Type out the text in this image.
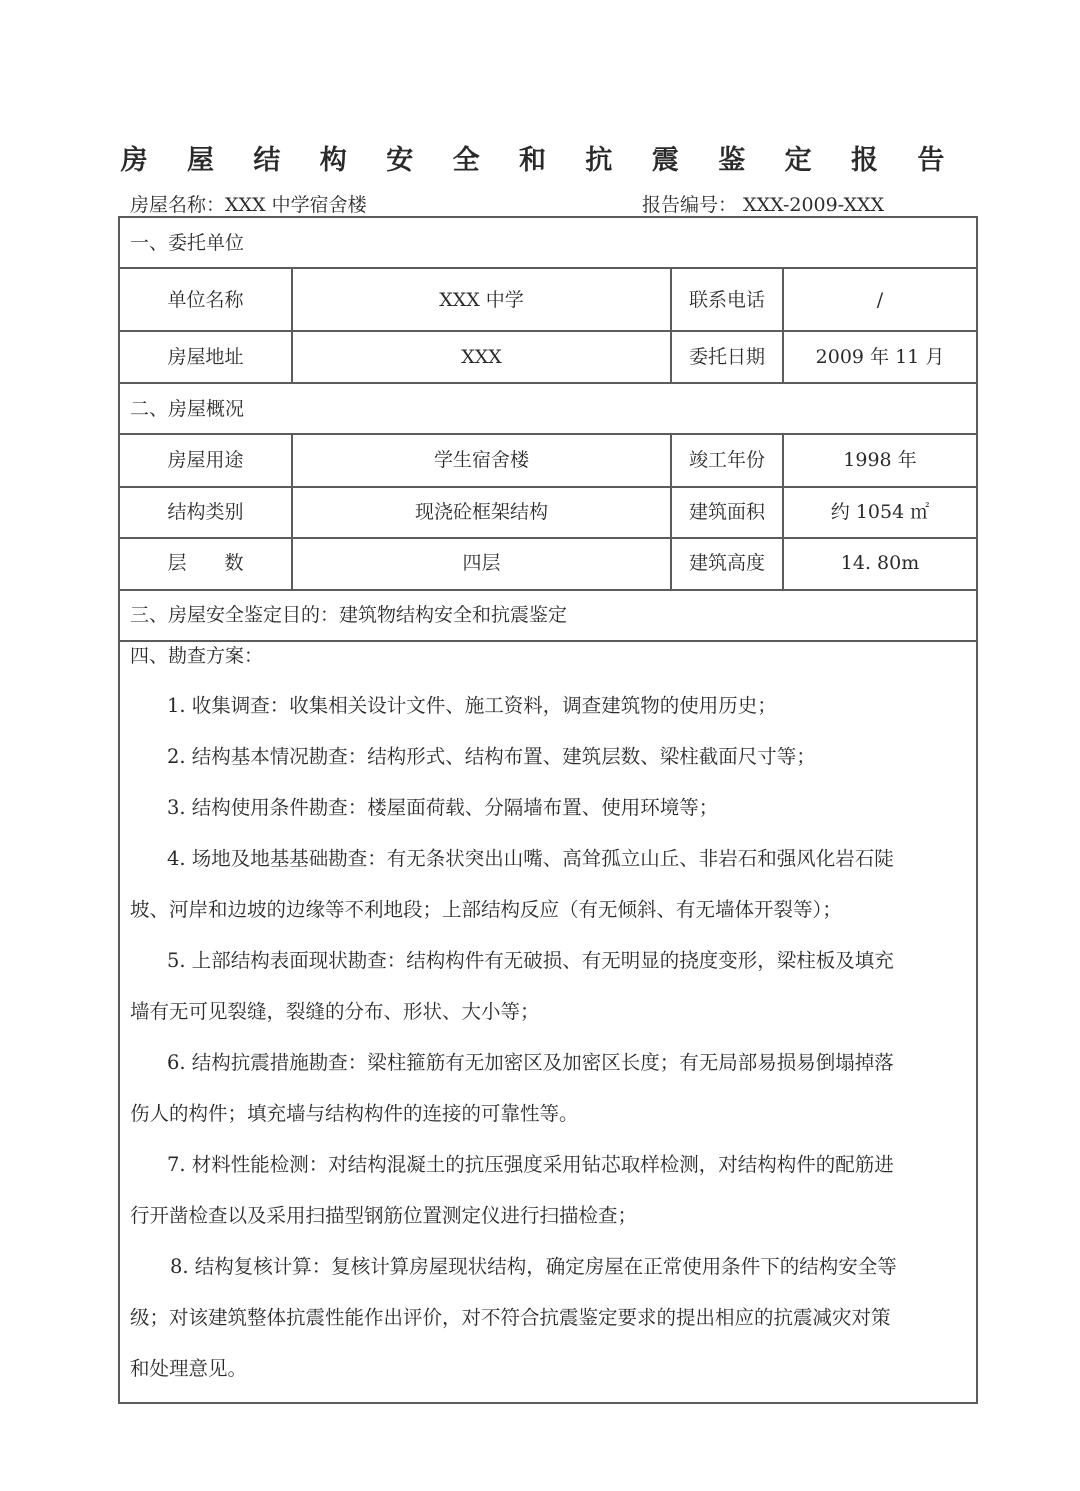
房 屋 结 构 安 全 和 抗 震 鉴 定 报 告
房屋名称：XXX 中学宿舍楼	报告编号： XXX-2009-XXX
一、委托单位
单位名称	XXX 中学	联系电话	/
房屋地址	XXX	委托日期	2009 年 11 月
二、房屋概况
房屋用途	学生宿舍楼	竣工年份	1998 年
结构类别	现浇砼框架结构	建筑面积	约 1054 ㎡
层　　数	四层	建筑高度	14. 80m
三、房屋安全鉴定目的：建筑物结构安全和抗震鉴定
四、勘查方案：
1. 收集调查：收集相关设计文件、施工资料，调查建筑物的使用历史；
2. 结构基本情况勘查：结构形式、结构布置、建筑层数、梁柱截面尺寸等；
3. 结构使用条件勘查：楼屋面荷载、分隔墙布置、使用环境等；
4. 场地及地基基础勘查：有无条状突出山嘴、高耸孤立山丘、非岩石和强风化岩石陡
坡、河岸和边坡的边缘等不利地段；上部结构反应（有无倾斜、有无墙体开裂等）；
5. 上部结构表面现状勘查：结构构件有无破损、有无明显的挠度变形，梁柱板及填充
墙有无可见裂缝，裂缝的分布、形状、大小等；
6. 结构抗震措施勘查：梁柱箍筋有无加密区及加密区长度；有无局部易损易倒塌掉落
伤人的构件；填充墙与结构构件的连接的可靠性等。
7. 材料性能检测：对结构混凝土的抗压强度采用钻芯取样检测，对结构构件的配筋进
行开凿检查以及采用扫描型钢筋位置测定仪进行扫描检查；
8. 结构复核计算：复核计算房屋现状结构，确定房屋在正常使用条件下的结构安全等
级；对该建筑整体抗震性能作出评价，对不符合抗震鉴定要求的提出相应的抗震减灾对策
和处理意见。
